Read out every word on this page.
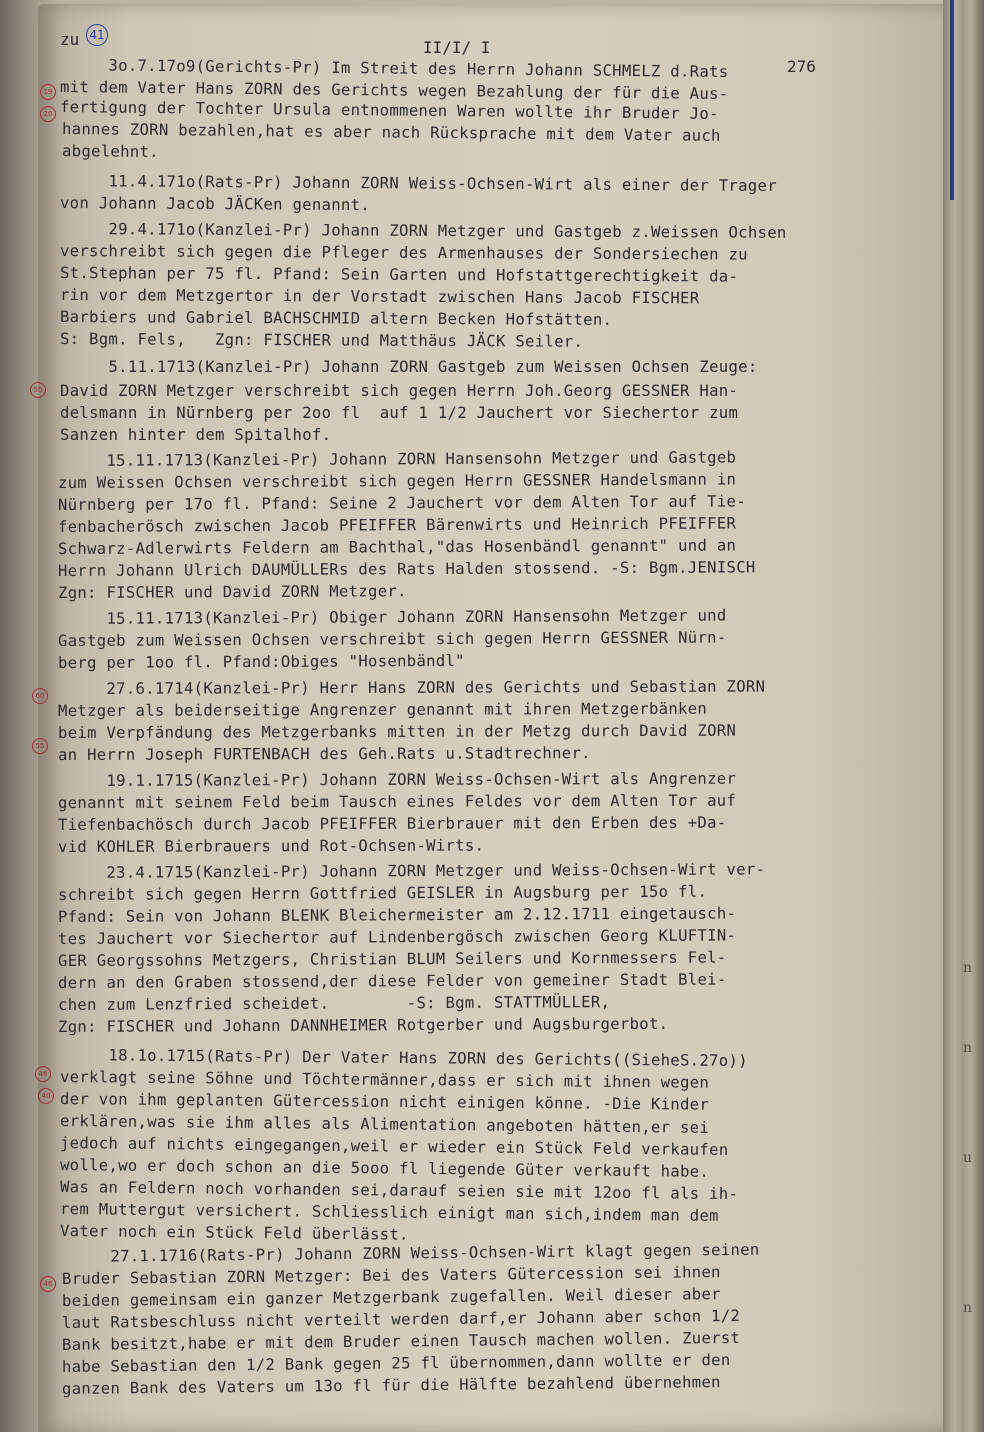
zu 41
II/I/ I
276
3o.7.17o9(Gerichts-Pr) Im Streit des Herrn Johann SCHMELZ d.Rats
mit dem Vater Hans ZORN des Gerichts wegen Bezahlung der für die Aus-
fertigung der Tochter Ursula entnommenen Waren wollte ihr Bruder Jo-
hannes ZORN bezahlen,hat es aber nach Rücksprache mit dem Vater auch
abgelehnt.
11.4.171o(Rats-Pr) Johann ZORN Weiss-Ochsen-Wirt als einer der Trager
von Johann Jacob JÄCKen genannt.
29.4.171o(Kanzlei-Pr) Johann ZORN Metzger und Gastgeb z.Weissen Ochsen
verschreibt sich gegen die Pfleger des Armenhauses der Sondersiechen zu
St.Stephan per 75 fl. Pfand: Sein Garten und Hofstattgerechtigkeit da-
rin vor dem Metzgertor in der Vorstadt zwischen Hans Jacob FISCHER
Barbiers und Gabriel BACHSCHMID altern Becken Hofstätten.
S: Bgm. Fels,   Zgn: FISCHER und Matthäus JÄCK Seiler.
5.11.1713(Kanzlei-Pr) Johann ZORN Gastgeb zum Weissen Ochsen Zeuge:
David ZORN Metzger verschreibt sich gegen Herrn Joh.Georg GESSNER Han-
delsmann in Nürnberg per 2oo fl  auf 1 1/2 Jauchert vor Siechertor zum
Sanzen hinter dem Spitalhof.
15.11.1713(Kanzlei-Pr) Johann ZORN Hansensohn Metzger und Gastgeb
zum Weissen Ochsen verschreibt sich gegen Herrn GESSNER Handelsmann in
Nürnberg per 17o fl. Pfand: Seine 2 Jauchert vor dem Alten Tor auf Tie-
fenbacherösch zwischen Jacob PFEIFFER Bärenwirts und Heinrich PFEIFFER
Schwarz-Adlerwirts Feldern am Bachthal,"das Hosenbändl genannt" und an
Herrn Johann Ulrich DAUMÜLLERs des Rats Halden stossend. -S: Bgm.JENISCH
Zgn: FISCHER und David ZORN Metzger.
15.11.1713(Kanzlei-Pr) Obiger Johann ZORN Hansensohn Metzger und
Gastgeb zum Weissen Ochsen verschreibt sich gegen Herrn GESSNER Nürn-
berg per 1oo fl. Pfand:Obiges "Hosenbändl"
27.6.1714(Kanzlei-Pr) Herr Hans ZORN des Gerichts und Sebastian ZORN
Metzger als beiderseitige Angrenzer genannt mit ihren Metzgerbänken
beim Verpfändung des Metzgerbanks mitten in der Metzg durch David ZORN
an Herrn Joseph FURTENBACH des Geh.Rats u.Stadtrechner.
19.1.1715(Kanzlei-Pr) Johann ZORN Weiss-Ochsen-Wirt als Angrenzer
genannt mit seinem Feld beim Tausch eines Feldes vor dem Alten Tor auf
Tiefenbachösch durch Jacob PFEIFFER Bierbrauer mit den Erben des +Da-
vid KOHLER Bierbrauers und Rot-Ochsen-Wirts.
23.4.1715(Kanzlei-Pr) Johann ZORN Metzger und Weiss-Ochsen-Wirt ver-
schreibt sich gegen Herrn Gottfried GEISLER in Augsburg per 15o fl.
Pfand: Sein von Johann BLENK Bleichermeister am 2.12.1711 eingetausch-
tes Jauchert vor Siechertor auf Lindenbergösch zwischen Georg KLUFTIN-
GER Georgssohns Metzgers, Christian BLUM Seilers und Kornmessers Fel-
dern an den Graben stossend,der diese Felder von gemeiner Stadt Blei-
chen zum Lenzfried scheidet.        -S: Bgm. STATTMÜLLER,
Zgn: FISCHER und Johann DANNHEIMER Rotgerber und Augsburgerbot.
18.1o.1715(Rats-Pr) Der Vater Hans ZORN des Gerichts((SieheS.27o))
verklagt seine Söhne und Töchtermänner,dass er sich mit ihnen wegen
der von ihm geplanten Gütercession nicht einigen könne. -Die Kinder
erklären,was sie ihm alles als Alimentation angeboten hätten,er sei
jedoch auf nichts eingegangen,weil er wieder ein Stück Feld verkaufen
wolle,wo er doch schon an die 5ooo fl liegende Güter verkauft habe.
Was an Feldern noch vorhanden sei,darauf seien sie mit 12oo fl als ih-
rem Muttergut versichert. Schliesslich einigt man sich,indem man dem
Vater noch ein Stück Feld überlässt.
27.1.1716(Rats-Pr) Johann ZORN Weiss-Ochsen-Wirt klagt gegen seinen
Bruder Sebastian ZORN Metzger: Bei des Vaters Gütercession sei ihnen
beiden gemeinsam ein ganzer Metzgerbank zugefallen. Weil dieser aber
laut Ratsbeschluss nicht verteilt werden darf,er Johann aber schon 1/2
Bank besitzt,habe er mit dem Bruder einen Tausch machen wollen. Zuerst
habe Sebastian den 1/2 Bank gegen 25 fl übernommen,dann wollte er den
ganzen Bank des Vaters um 13o fl für die Hälfte bezahlend übernehmen
19
20
55
60
55
46
40
46
n
n
u
n
